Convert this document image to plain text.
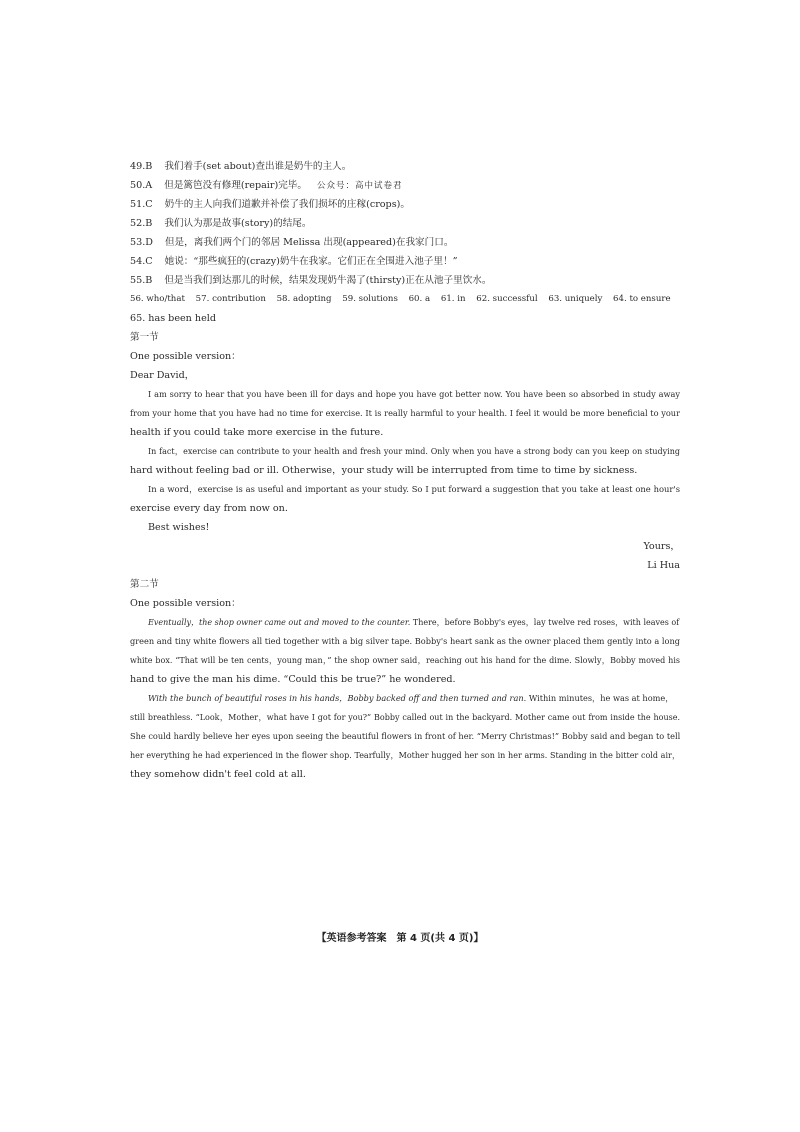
49.B 我们着手(set about)查出谁是奶牛的主人。
50.A 但是篱笆没有修理(repair)完毕。 公众号：高中试卷君
51.C 奶牛的主人向我们道歉并补偿了我们损坏的庄稼(crops)。
52.B 我们认为那是故事(story)的结尾。
53.D 但是，离我们两个门的邻居 Melissa 出现(appeared)在我家门口。
54.C 她说：“那些疯狂的(crazy)奶牛在我家。它们正在全围进入池子里！”
55.B 但是当我们到达那儿的时候，结果发现奶牛渴了(thirsty)正在从池子里饮水。
56. who/that 57. contribution 58. adopting 59. solutions 60. a 61. in 62. successful 63. uniquely 64. to ensure
65. has been held
第一节
One possible version：
Dear David，
I am sorry to hear that you have been ill for days and hope you have got better now. You have been so absorbed in study away
from your home that you have had no time for exercise. It is really harmful to your health. I feel it would be more beneficial to your
health if you could take more exercise in the future.
In fact，exercise can contribute to your health and fresh your mind. Only when you have a strong body can you keep on studying
hard without feeling bad or ill. Otherwise，your study will be interrupted from time to time by sickness.
In a word，exercise is as useful and important as your study. So I put forward a suggestion that you take at least one hour's
exercise every day from now on.
Best wishes!
Yours，
Li Hua
第二节
One possible version：
Eventually，the shop owner came out and moved to the counter. There，before Bobby's eyes，lay twelve red roses，with leaves of
green and tiny white flowers all tied together with a big silver tape. Bobby's heart sank as the owner placed them gently into a long
white box. “That will be ten cents，young man，” the shop owner said，reaching out his hand for the dime. Slowly，Bobby moved his
hand to give the man his dime. “Could this be true?” he wondered.
With the bunch of beautiful roses in his hands，Bobby backed off and then turned and ran. Within minutes，he was at home，
still breathless. “Look，Mother，what have I got for you?” Bobby called out in the backyard. Mother came out from inside the house.
She could hardly believe her eyes upon seeing the beautiful flowers in front of her. “Merry Christmas!” Bobby said and began to tell
her everything he had experienced in the flower shop. Tearfully，Mother hugged her son in her arms. Standing in the bitter cold air，
they somehow didn't feel cold at all.
【英语参考答案　第 4 页(共 4 页)】
